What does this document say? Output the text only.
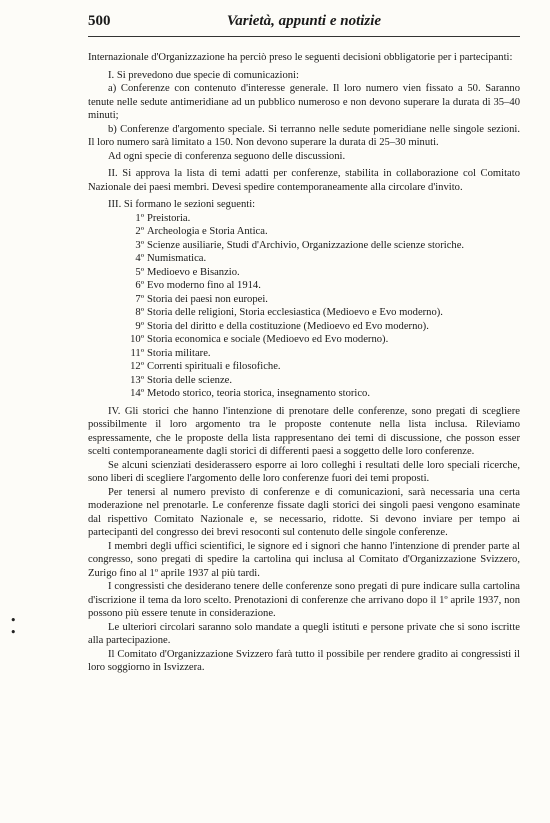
500	Varietà, appunti e notizie

Internazionale d'Organizzazione ha perciò preso le seguenti decisioni obbligatorie per i partecipanti:

I. Si prevedono due specie di comunicazioni:

a) Conferenze con contenuto d'interesse generale. Il loro numero vien fissato a 50. Saranno tenute nelle sedute antimeridiane ad un pubblico numeroso e non devono superare la durata di 35–40 minuti;

b) Conferenze d'argomento speciale. Si terranno nelle sedute pomeridiane nelle singole sezioni. Il loro numero sarà limitato a 150. Non devono superare la durata di 25–30 minuti.

Ad ogni specie di conferenza seguono delle discussioni.

II. Si approva la lista di temi adatti per conferenze, stabilita in collaborazione col Comitato Nazionale dei paesi membri. Devesi spedire contemporaneamente alla circolare d'invito.

III. Si formano le sezioni seguenti:

1º Preistoria.
2º Archeologia e Storia Antica.
3º Scienze ausiliarie, Studi d'Archivio, Organizzazione delle scienze storiche.
4º Numismatica.
5º Medioevo e Bisanzio.
6º Evo moderno fino al 1914.
7º Storia dei paesi non europei.
8º Storia delle religioni, Storia ecclesiastica (Medioevo e Evo moderno).
9º Storia del diritto e della costituzione (Medioevo ed Evo moderno).
10º Storia economica e sociale (Medioevo ed Evo moderno).
11º Storia militare.
12º Correnti spirituali e filosofiche.
13º Storia delle scienze.
14º Metodo storico, teoria storica, insegnamento storico.

IV. Gli storici che hanno l'intenzione di prenotare delle conferenze, sono pregati di scegliere possibilmente il loro argomento tra le proposte contenute nella lista inclusa. Rileviamo espressamente, che le proposte della lista rappresentano dei temi di discussione, che posson esser scelti contemporaneamente dagli storici di differenti paesi a soggetto delle loro conferenze.

Se alcuni scienziati desiderassero esporre ai loro colleghi i resultati delle loro speciali ricerche, sono liberi di scegliere l'argomento delle loro conferenze fuori dei temi proposti.

Per tenersi al numero previsto di conferenze e di comunicazioni, sarà necessaria una certa moderazione nel prenotarle. Le conferenze fissate dagli storici dei singoli paesi vengono esaminate dal rispettivo Comitato Nazionale e, se necessario, ridotte. Si devono inviare per tempo ai partecipanti del congresso dei brevi resoconti sul contenuto delle singole conferenze.

I membri degli uffici scientifici, le signore ed i signori che hanno l'intenzione di prender parte al congresso, sono pregati di spedire la cartolina qui inclusa al Comitato d'Organizzazione Svizzero, Zurigo fino al 1º aprile 1937 al più tardi.

I congressisti che desiderano tenere delle conferenze sono pregati di pure indicare sulla cartolina d'iscrizione il tema da loro scelto. Prenotazioni di conferenze che arrivano dopo il 1º aprile 1937, non possono più essere tenute in considerazione.

Le ulteriori circolari saranno solo mandate a quegli istituti e persone private che si sono iscritte alla partecipazione.

Il Comitato d'Organizzazione Svizzero farà tutto il possibile per rendere gradito ai congressisti il loro soggiorno in Isvizzera.

•
•
